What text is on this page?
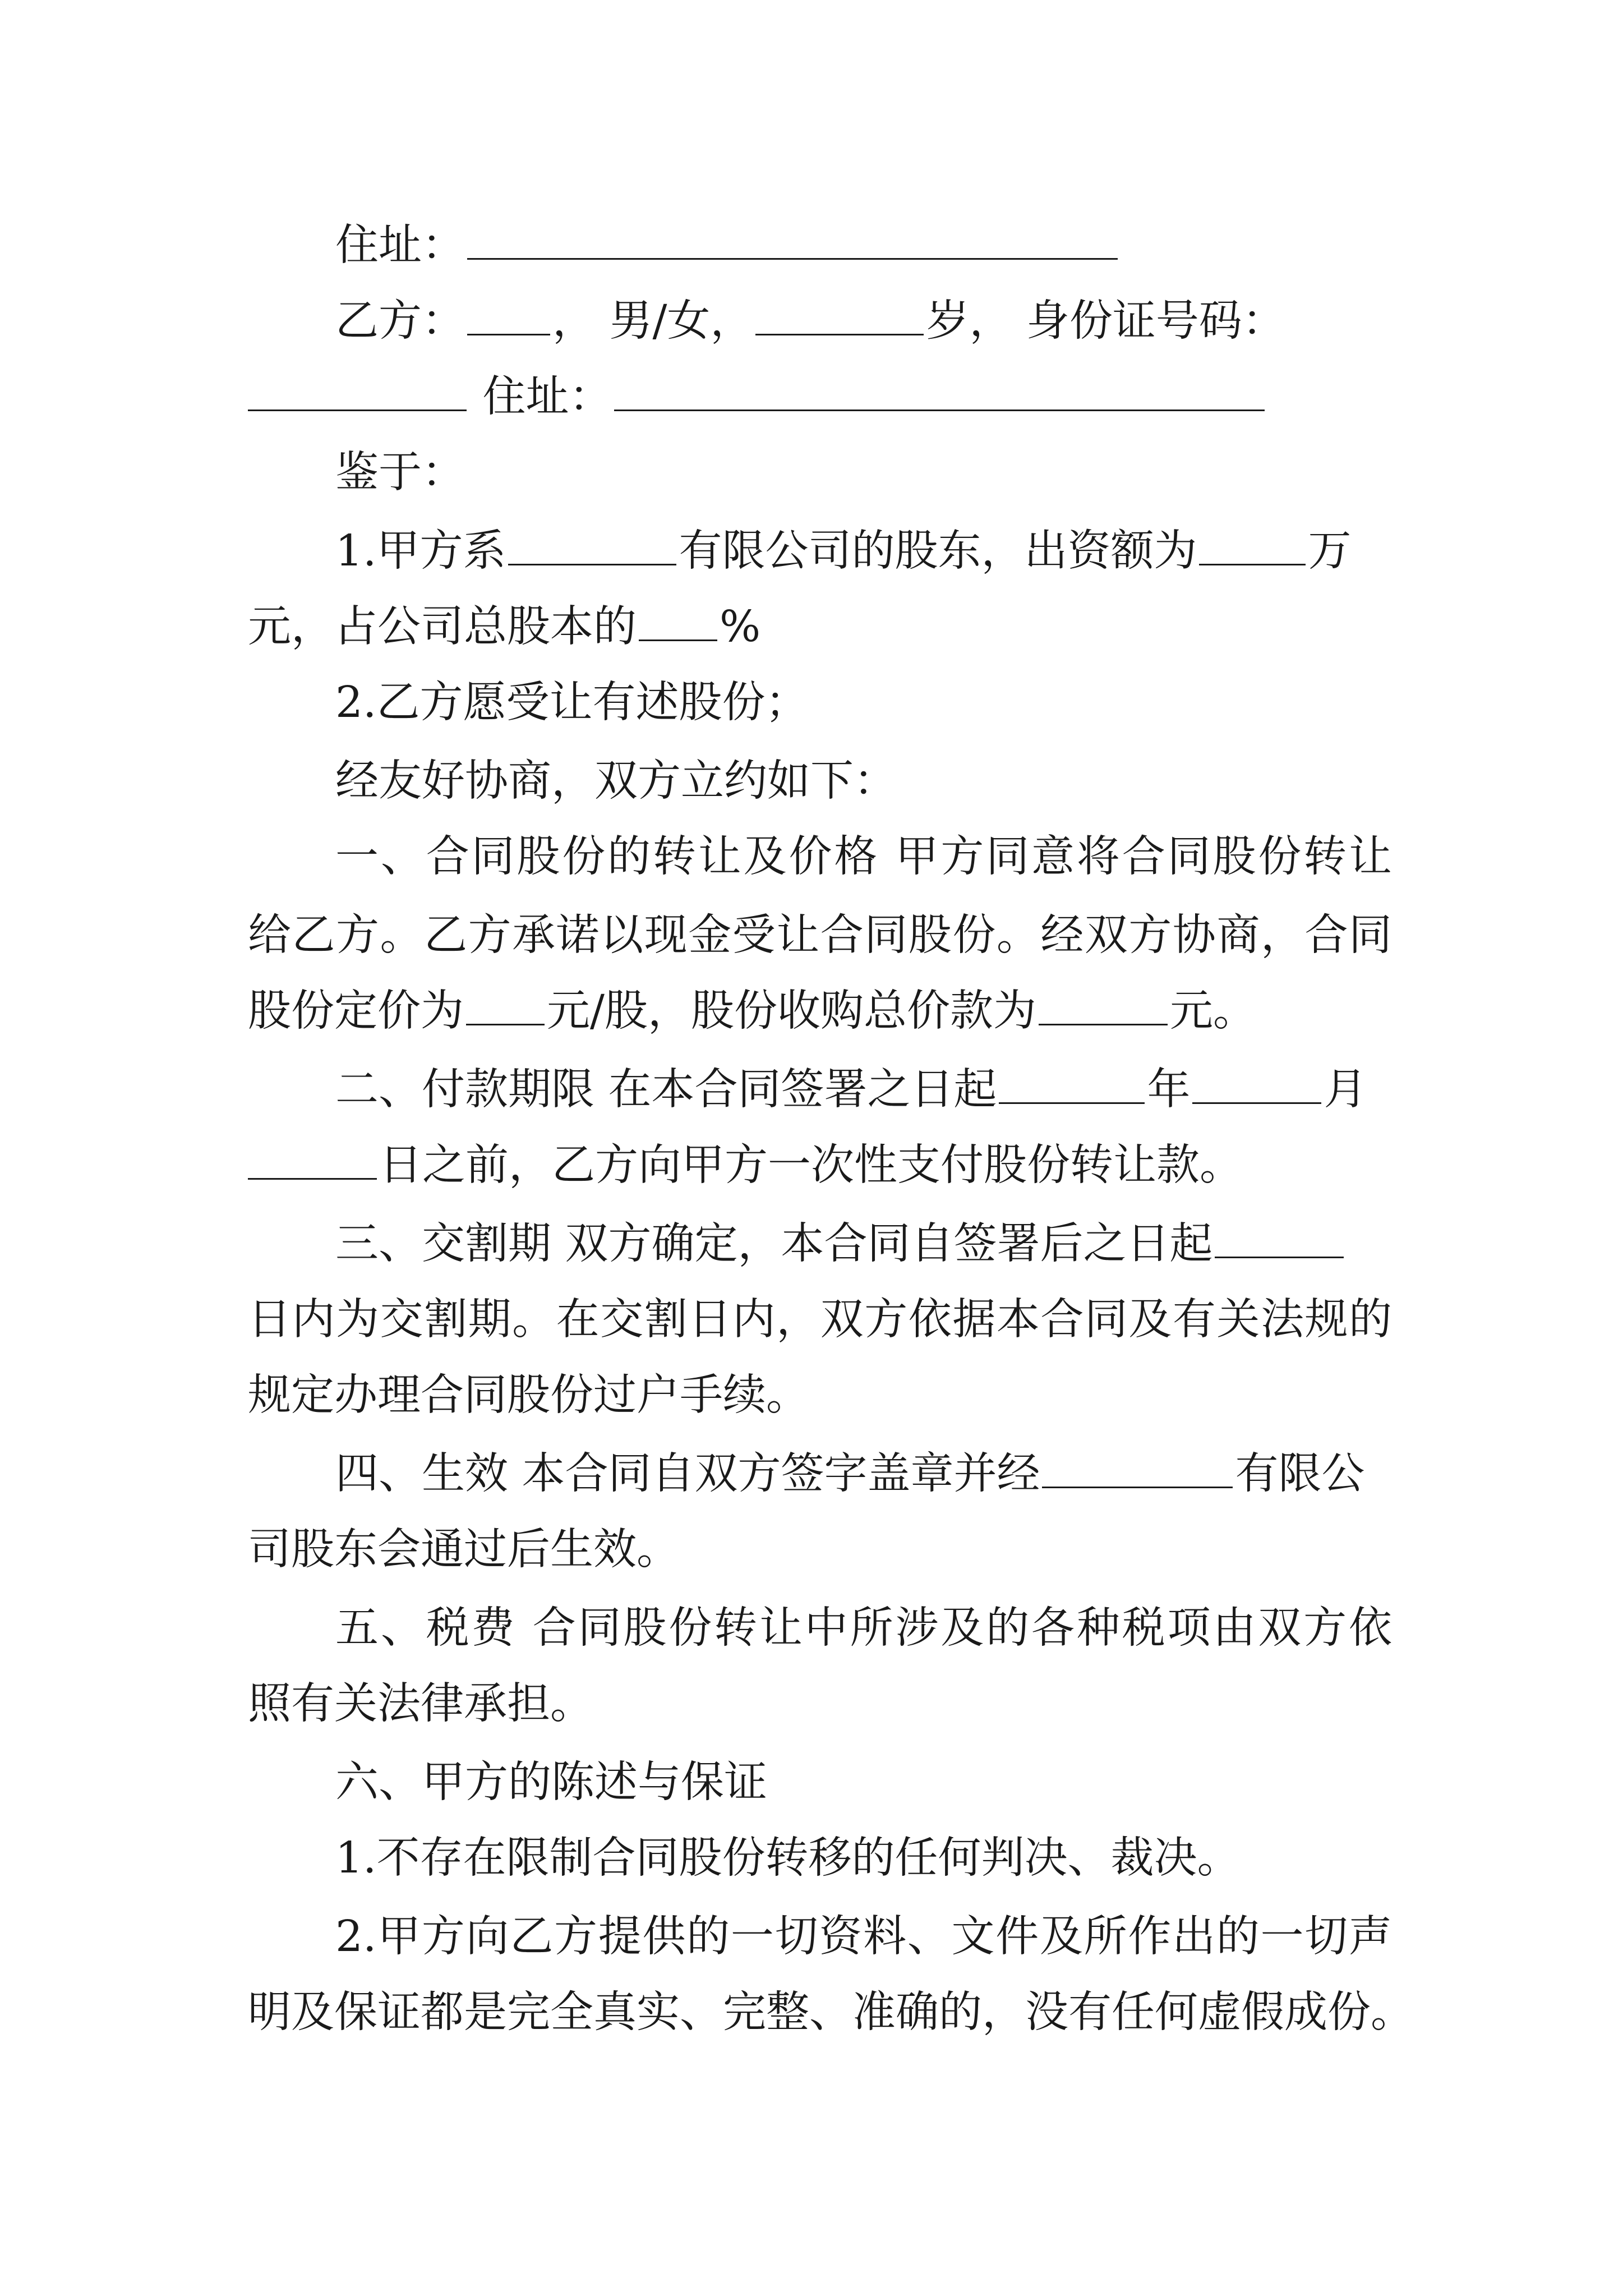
住址：
乙方： ， 男/女，	岁， 身份证号码：
住址：
鉴于：
1.甲方系	有限公司的股东，出资额为	万
元，占公司总股本的 %
2.乙方愿受让有述股份；
经友好协商，双方立约如下：
一、合同股份的转让及价格 甲方同意将合同股份转让
给乙方。乙方承诺以现金受让合同股份。经双方协商，合同
股份定价为 元/股，股份收购总价款为	元。
二、付款期限 在本合同签署之日起	年	月
日之前，乙方向甲方一次性支付股份转让款。
三、交割期 双方确定，本合同自签署后之日起
日内为交割期。在交割日内，双方依据本合同及有关法规的
规定办理合同股份过户手续。
四、生效 本合同自双方签字盖章并经	有限公
司股东会通过后生效。
五、税费 合同股份转让中所涉及的各种税项由双方依
照有关法律承担。
六、甲方的陈述与保证
1.不存在限制合同股份转移的任何判决、裁决。
2.甲方向乙方提供的一切资料、文件及所作出的一切声
明及保证都是完全真实、完整、准确的，没有任何虚假成份。
